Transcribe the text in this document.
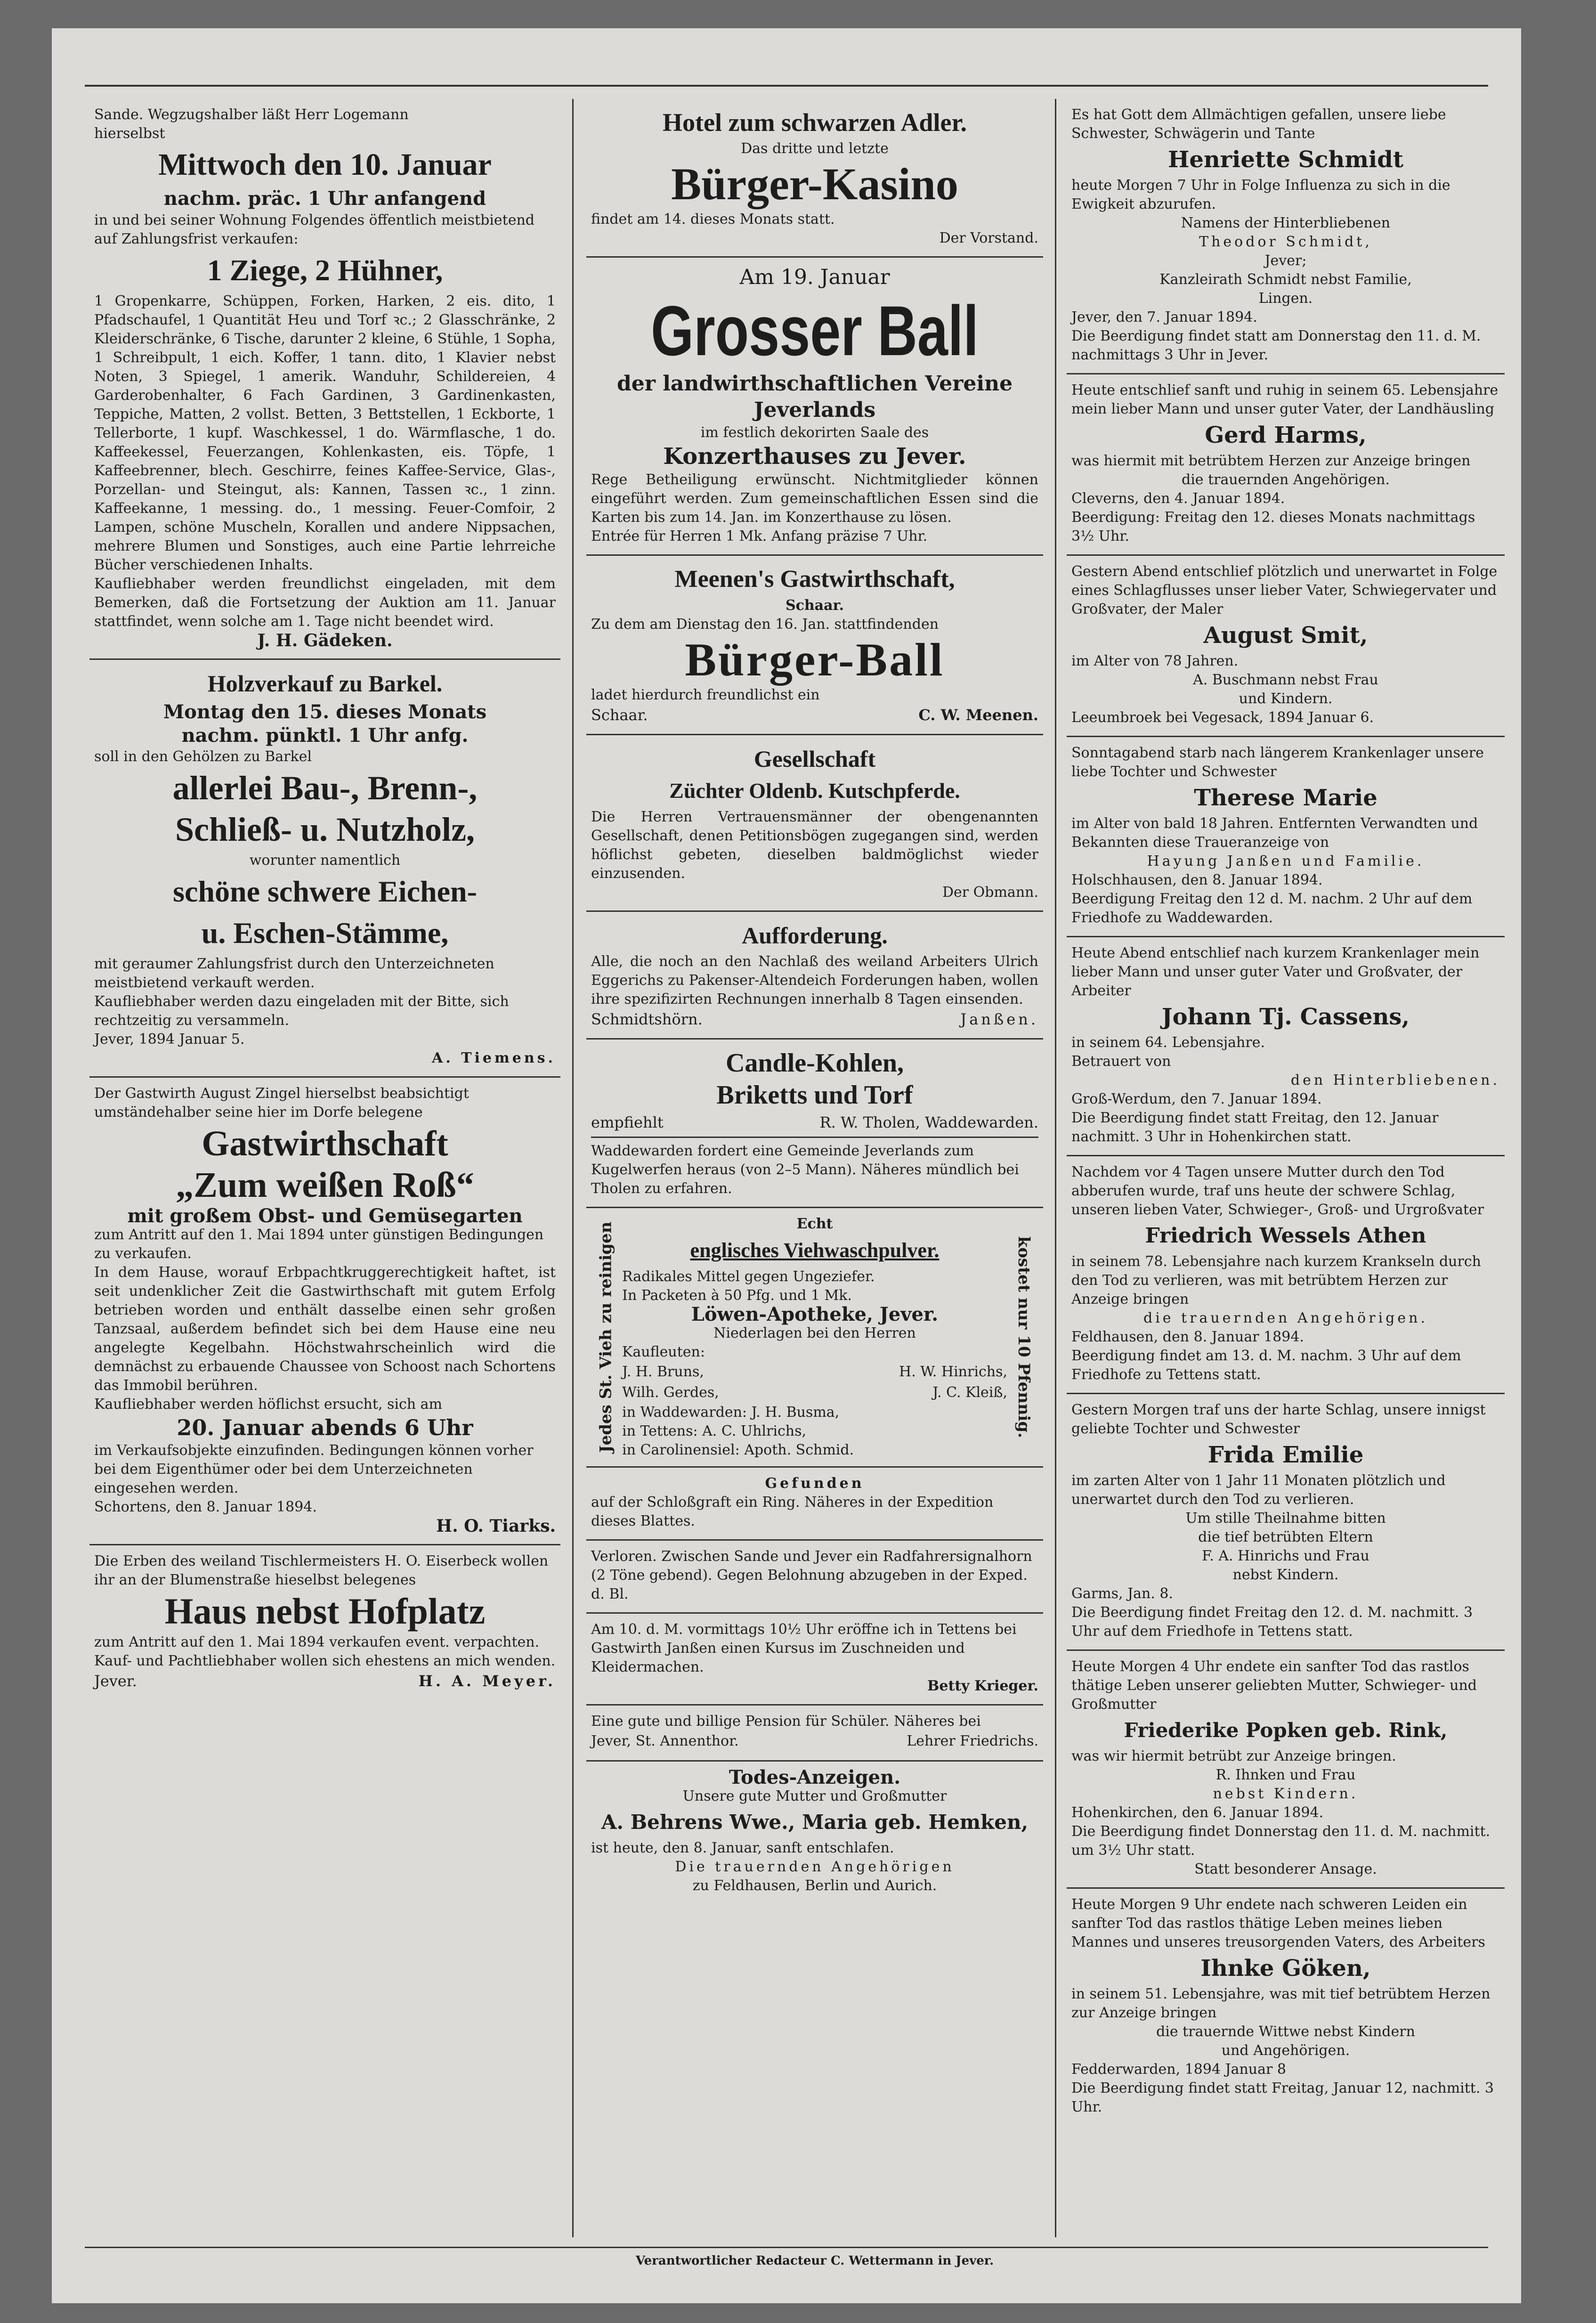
Sande. Wegzugshalber läßt Herr Logemann

hierselbst

Mittwoch den 10. Januar

nachm. präc. 1 Uhr anfangend

in und bei seiner Wohnung Folgendes öffentlich meistbietend auf Zahlungsfrist verkaufen:

1 Ziege, 2 Hühner,

1 Gropenkarre, Schüppen, Forken, Harken, 2 eis. dito, 1 Pfadschaufel, 1 Quantität Heu und Torf ꝛc.; 2 Glasschränke, 2 Kleiderschränke, 6 Tische, darunter 2 kleine, 6 Stühle, 1 Sopha, 1 Schreibpult, 1 eich. Koffer, 1 tann. dito, 1 Klavier nebst Noten, 3 Spiegel, 1 amerik. Wanduhr, Schildereien, 4 Garderobenhalter, 6 Fach Gardinen, 3 Gardinenkasten, Teppiche, Matten, 2 vollst. Betten, 3 Bettstellen, 1 Eckborte, 1 Tellerborte, 1 kupf. Waschkessel, 1 do. Wärmflasche, 1 do. Kaffeekessel, Feuerzangen, Kohlenkasten, eis. Töpfe, 1 Kaffeebrenner, blech. Geschirre, feines Kaffee-Service, Glas-, Porzellan- und Steingut, als: Kannen, Tassen ꝛc., 1 zinn. Kaffeekanne, 1 messing. do., 1 messing. Feuer-Comfoir, 2 Lampen, schöne Muscheln, Korallen und andere Nippsachen, mehrere Blumen und Sonstiges, auch eine Partie lehrreiche Bücher verschiedenen Inhalts.

Kaufliebhaber werden freundlichst eingeladen, mit dem Bemerken, daß die Fortsetzung der Auktion am 11. Januar stattfindet, wenn solche am 1. Tage nicht beendet wird.

J. H. Gädeken.

Holzverkauf zu Barkel.

Montag den 15. dieses Monats

nachm. pünktl. 1 Uhr anfg.

soll in den Gehölzen zu Barkel

allerlei Bau-, Brenn-,

Schließ- u. Nutzholz,

worunter namentlich

schöne schwere Eichen-

u. Eschen-Stämme,

mit geraumer Zahlungsfrist durch den Unterzeichneten meistbietend verkauft werden.

Kaufliebhaber werden dazu eingeladen mit der Bitte, sich rechtzeitig zu versammeln.

Jever, 1894 Januar 5.

A. Tiemens.

Der Gastwirth August Zingel hierselbst beabsichtigt umständehalber seine hier im Dorfe belegene

Gastwirthschaft

„Zum weißen Roß“

mit großem Obst- und Gemüsegarten

zum Antritt auf den 1. Mai 1894 unter günstigen Bedingungen zu verkaufen.

In dem Hause, worauf Erbpachtkruggerechtigkeit haftet, ist seit undenklicher Zeit die Gastwirthschaft mit gutem Erfolg betrieben worden und enthält dasselbe einen sehr großen Tanzsaal, außerdem befindet sich bei dem Hause eine neu angelegte Kegelbahn. Höchstwahrscheinlich wird die demnächst zu erbauende Chaussee von Schoost nach Schortens das Immobil berühren.

Kaufliebhaber werden höflichst ersucht, sich am

20. Januar abends 6 Uhr

im Verkaufsobjekte einzufinden. Bedingungen können vorher bei dem Eigenthümer oder bei dem Unterzeichneten eingesehen werden.

Schortens, den 8. Januar 1894.

H. O. Tiarks.

Die Erben des weiland Tischlermeisters H. O. Eiserbeck wollen ihr an der Blumenstraße hieselbst belegenes

Haus nebst Hofplatz

zum Antritt auf den 1. Mai 1894 verkaufen event. verpachten. Kauf- und Pachtliebhaber wollen sich ehestens an mich wenden.

Jever.	H. A. Meyer.

Hotel zum schwarzen Adler.

Das dritte und letzte

Bürger-Kasino

findet am 14. dieses Monats statt.

Der Vorstand.

Am 19. Januar

Grosser Ball

der landwirthschaftlichen Vereine

Jeverlands

im festlich dekorirten Saale des

Konzerthauses zu Jever.

Rege Betheiligung erwünscht. Nichtmitglieder können eingeführt werden. Zum gemeinschaftlichen Essen sind die Karten bis zum 14. Jan. im Konzerthause zu lösen.

Entrée für Herren 1 Mk. Anfang präzise 7 Uhr.

Meenen's Gastwirthschaft,

Schaar.

Zu dem am Dienstag den 16. Jan. stattfindenden

Bürger-Ball

ladet hierdurch freundlichst ein

Schaar.	C. W. Meenen.

Gesellschaft

Züchter Oldenb. Kutschpferde.

Die Herren Vertrauensmänner der obengenannten Gesellschaft, denen Petitionsbögen zugegangen sind, werden höflichst gebeten, dieselben baldmöglichst wieder einzusenden.

Der Obmann.

Aufforderung.

Alle, die noch an den Nachlaß des weiland Arbeiters Ulrich Eggerichs zu Pakenser-Altendeich Forderungen haben, wollen ihre spezifizirten Rechnungen innerhalb 8 Tagen einsenden.

Schmidtshörn.	Janßen.

Candle-Kohlen,

Briketts und Torf

empfiehlt	R. W. Tholen, Waddewarden.

Waddewarden fordert eine Gemeinde Jeverlands zum Kugelwerfen heraus (von 2–5 Mann). Näheres mündlich bei Tholen zu erfahren.

Jedes St. Vieh zu reinigen	Echt

englisches Viehwaschpulver.

Radikales Mittel gegen Ungeziefer.

In Packeten à 50 Pfg. und 1 Mk.

Löwen-Apotheke, Jever.

Niederlagen bei den Herren

Kaufleuten:

J. H. Bruns,	H. W. Hinrichs,
Wilh. Gerdes,	J. C. Kleiß,

in Waddewarden: J. H. Busma,

in Tettens: A. C. Uhlrichs,

in Carolinensiel: Apoth. Schmid.

kostet nur 10 Pfennig.

Gefunden

auf der Schloßgraft ein Ring. Näheres in der Expedition dieses Blattes.

Verloren. Zwischen Sande und Jever ein Radfahrersignalhorn (2 Töne gebend). Gegen Belohnung abzugeben in der Exped. d. Bl.

Am 10. d. M. vormittags 10½ Uhr eröffne ich in Tettens bei Gastwirth Janßen einen Kursus im Zuschneiden und Kleidermachen.

Betty Krieger.

Eine gute und billige Pension für Schüler. Näheres bei

Jever, St. Annenthor.	Lehrer Friedrichs.

Todes-Anzeigen.

Unsere gute Mutter und Großmutter

A. Behrens Wwe., Maria geb. Hemken,

ist heute, den 8. Januar, sanft entschlafen.

Die trauernden Angehörigen

zu Feldhausen, Berlin und Aurich.

Es hat Gott dem Allmächtigen gefallen, unsere liebe Schwester, Schwägerin und Tante

Henriette Schmidt

heute Morgen 7 Uhr in Folge Influenza zu sich in die Ewigkeit abzurufen.

Namens der Hinterbliebenen

Theodor Schmidt,

Jever;

Kanzleirath Schmidt nebst Familie,

Lingen.

Jever, den 7. Januar 1894.

Die Beerdigung findet statt am Donnerstag den 11. d. M. nachmittags 3 Uhr in Jever.

Heute entschlief sanft und ruhig in seinem 65. Lebensjahre mein lieber Mann und unser guter Vater, der Landhäusling

Gerd Harms,

was hiermit mit betrübtem Herzen zur Anzeige bringen

die trauernden Angehörigen.

Cleverns, den 4. Januar 1894.

Beerdigung: Freitag den 12. dieses Monats nachmittags 3½ Uhr.

Gestern Abend entschlief plötzlich und unerwartet in Folge eines Schlagflusses unser lieber Vater, Schwiegervater und Großvater, der Maler

August Smit,

im Alter von 78 Jahren.

A. Buschmann nebst Frau

und Kindern.

Leeumbroek bei Vegesack, 1894 Januar 6.

Sonntagabend starb nach längerem Krankenlager unsere liebe Tochter und Schwester

Therese Marie

im Alter von bald 18 Jahren. Entfernten Verwandten und Bekannten diese Traueranzeige von

Hayung Janßen und Familie.

Holschhausen, den 8. Januar 1894.

Beerdigung Freitag den 12 d. M. nachm. 2 Uhr auf dem Friedhofe zu Waddewarden.

Heute Abend entschlief nach kurzem Krankenlager mein lieber Mann und unser guter Vater und Großvater, der Arbeiter

Johann Tj. Cassens,

in seinem 64. Lebensjahre.

Betrauert von

den Hinterbliebenen.

Groß-Werdum, den 7. Januar 1894.

Die Beerdigung findet statt Freitag, den 12. Januar nachmitt. 3 Uhr in Hohenkirchen statt.

Nachdem vor 4 Tagen unsere Mutter durch den Tod abberufen wurde, traf uns heute der schwere Schlag, unseren lieben Vater, Schwieger-, Groß- und Urgroßvater

Friedrich Wessels Athen

in seinem 78. Lebensjahre nach kurzem Krankseln durch den Tod zu verlieren, was mit betrübtem Herzen zur Anzeige bringen

die trauernden Angehörigen.

Feldhausen, den 8. Januar 1894.

Beerdigung findet am 13. d. M. nachm. 3 Uhr auf dem Friedhofe zu Tettens statt.

Gestern Morgen traf uns der harte Schlag, unsere innigst geliebte Tochter und Schwester

Frida Emilie

im zarten Alter von 1 Jahr 11 Monaten plötzlich und unerwartet durch den Tod zu verlieren.

Um stille Theilnahme bitten

die tief betrübten Eltern

F. A. Hinrichs und Frau

nebst Kindern.

Garms, Jan. 8.

Die Beerdigung findet Freitag den 12. d. M. nachmitt. 3 Uhr auf dem Friedhofe in Tettens statt.

Heute Morgen 4 Uhr endete ein sanfter Tod das rastlos thätige Leben unserer geliebten Mutter, Schwieger- und Großmutter

Friederike Popken geb. Rink,

was wir hiermit betrübt zur Anzeige bringen.

R. Ihnken und Frau

nebst Kindern.

Hohenkirchen, den 6. Januar 1894.

Die Beerdigung findet Donnerstag den 11. d. M. nachmitt. um 3½ Uhr statt.

Statt besonderer Ansage.

Heute Morgen 9 Uhr endete nach schweren Leiden ein sanfter Tod das rastlos thätige Leben meines lieben Mannes und unseres treusorgenden Vaters, des Arbeiters

Ihnke Göken,

in seinem 51. Lebensjahre, was mit tief betrübtem Herzen zur Anzeige bringen

die trauernde Wittwe nebst Kindern

und Angehörigen.

Fedderwarden, 1894 Januar 8

Die Beerdigung findet statt Freitag, Januar 12, nachmitt. 3 Uhr.

Verantwortlicher Redacteur C. Wettermann in Jever.
